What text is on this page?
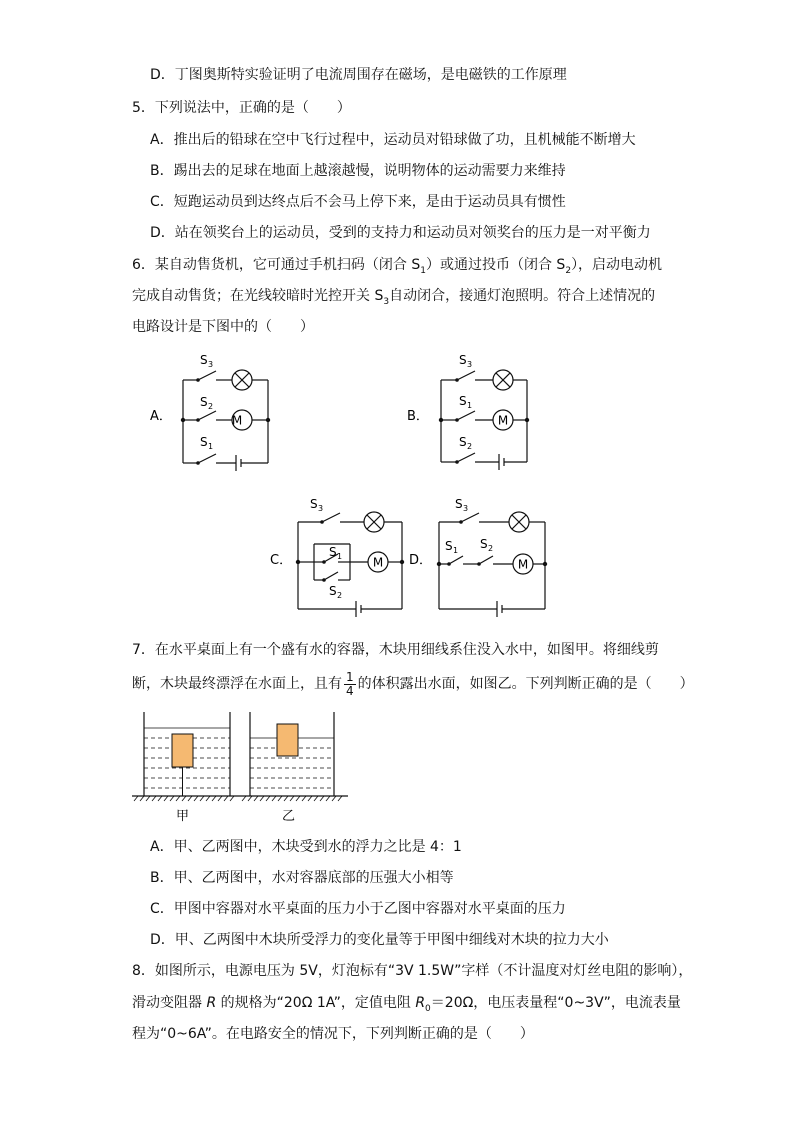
D．丁图奥斯特实验证明了电流周围存在磁场，是电磁铁的工作原理
5．下列说法中，正确的是（　　）
A．推出后的铅球在空中飞行过程中，运动员对铅球做了功，且机械能不断增大
B．踢出去的足球在地面上越滚越慢，说明物体的运动需要力来维持
C．短跑运动员到达终点后不会马上停下来，是由于运动员具有惯性
D．站在领奖台上的运动员，受到的支持力和运动员对领奖台的压力是一对平衡力
6．某自动售货机，它可通过手机扫码（闭合 $S_1$）或通过投币（闭合 $S_2$），启动电动机
完成自动售货；在光线较暗时光控开关 $S_3$自动闭合，接通灯泡照明。符合上述情况的
电路设计是下图中的（　　）
A．	M
S 3
S 2
S 1
B．	M
S 3
S 1
S 2
C．	M
S 3
S 1
S 2
D．	M
S 3
S 1 S 2
7．在水平桌面上有一个盛有水的容器，木块用细线系住没入水中，如图甲。将细线剪
断，木块最终漂浮在水面上，且有 $\frac{1}{4}$ 的体积露出水面，如图乙。下列判断正确的是（　　）
甲	乙
A．甲、乙两图中，木块受到水的浮力之比是 4：1
B．甲、乙两图中，水对容器底部的压强大小相等
C．甲图中容器对水平桌面的压力小于乙图中容器对水平桌面的压力
D．甲、乙两图中木块所受浮力的变化量等于甲图中细线对木块的拉力大小
8．如图所示，电源电压为 5V，灯泡标有“3V 1.5W”字样（不计温度对灯丝电阻的影响），
滑动变阻器 R 的规格为“20Ω 1A”，定值电阻 $R_0=20\Omega$，电压表量程“0~3V”，电流表量
程为“0~6A”。在电路安全的情况下，下列判断正确的是（　　）
